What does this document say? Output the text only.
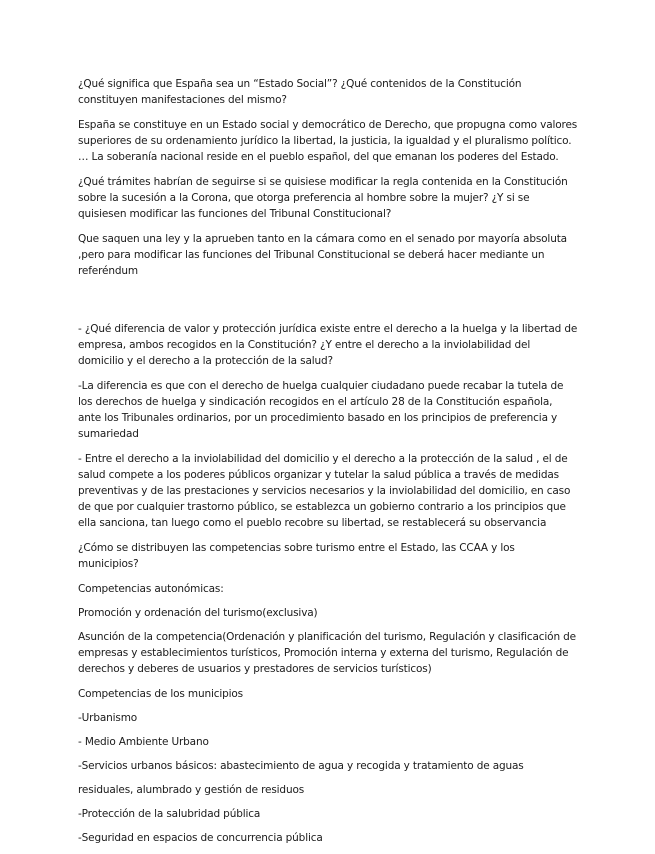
¿Qué significa que España sea un “Estado Social”? ¿Qué contenidos de la Constitución constituyen manifestaciones del mismo?

España se constituye en un Estado social y democrático de Derecho, que propugna como valores superiores de su ordenamiento jurídico la libertad, la justicia, la igualdad y el pluralismo político. … La soberanía nacional reside en el pueblo español, del que emanan los poderes del Estado.

¿Qué trámites habrían de seguirse si se quisiese modificar la regla contenida en la Constitución sobre la sucesión a la Corona, que otorga preferencia al hombre sobre la mujer? ¿Y si se quisiesen modificar las funciones del Tribunal Constitucional?

Que saquen una ley y la aprueben tanto en la cámara como en el senado por mayoría absoluta ,pero para modificar las funciones del Tribunal Constitucional se deberá hacer mediante un referéndum

- ¿Qué diferencia de valor y protección jurídica existe entre el derecho a la huelga y la libertad de empresa, ambos recogidos en la Constitución? ¿Y entre el derecho a la inviolabilidad del domicilio y el derecho a la protección de la salud?

-La diferencia es que con el derecho de huelga cualquier ciudadano puede recabar la tutela de los derechos de huelga y sindicación recogidos en el artículo 28 de la Constitución española, ante los Tribunales ordinarios, por un procedimiento basado en los principios de preferencia y sumariedad

- Entre el derecho a la inviolabilidad del domicilio y el derecho a la protección de la salud , el de salud compete a los poderes públicos organizar y tutelar la salud pública a través de medidas preventivas y de las prestaciones y servicios necesarios y la inviolabilidad del domicilio, en caso de que por cualquier trastorno público, se establezca un gobierno contrario a los principios que ella sanciona, tan luego como el pueblo recobre su libertad, se restablecerá su observancia

¿Cómo se distribuyen las competencias sobre turismo entre el Estado, las CCAA y los municipios?

Competencias autonómicas:

Promoción y ordenación del turismo(exclusiva)

Asunción de la competencia(Ordenación y planificación del turismo, Regulación y clasificación de empresas y establecimientos turísticos, Promoción interna y externa del turismo, Regulación de derechos y deberes de usuarios y prestadores de servicios turísticos)

Competencias de los municipios

-Urbanismo

- Medio Ambiente Urbano

-Servicios urbanos básicos: abastecimiento de agua y recogida y tratamiento de aguas

residuales, alumbrado y gestión de residuos

-Protección de la salubridad pública

-Seguridad en espacios de concurrencia pública
